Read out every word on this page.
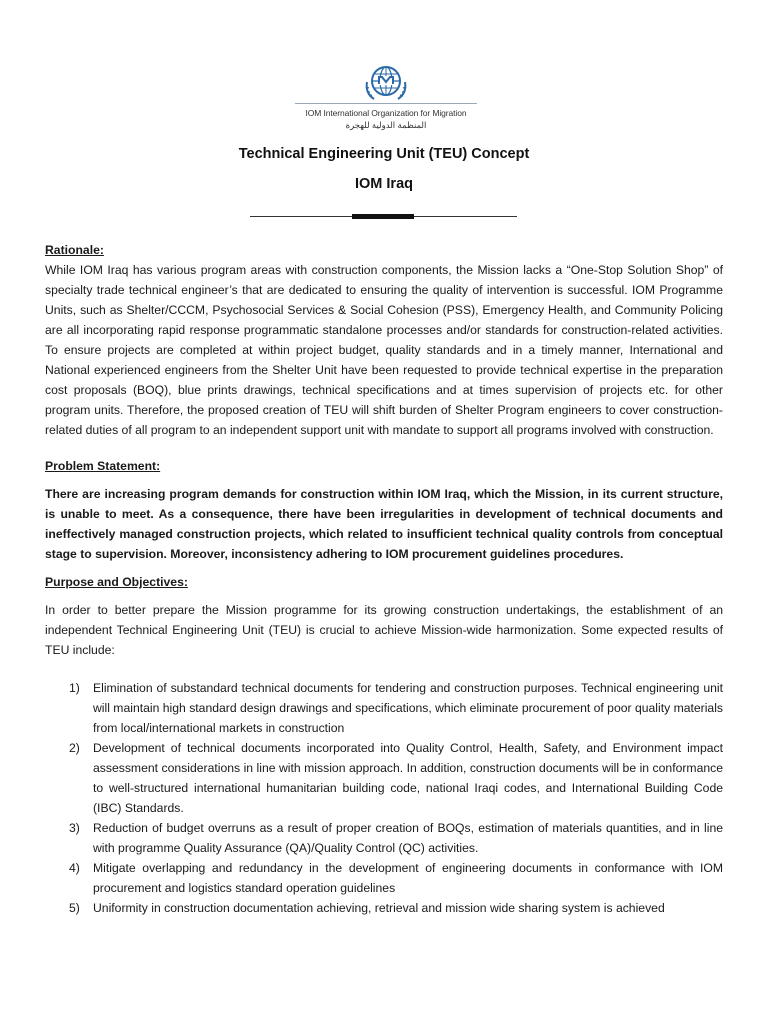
IOM International Organization for Migration
المنظمة الدولية للهجرة
Technical Engineering Unit (TEU) Concept
IOM Iraq

Rationale:

While IOM Iraq has various program areas with construction components, the Mission lacks a “One-Stop Solution Shop” of specialty trade technical engineer’s that are dedicated to ensuring the quality of intervention is successful. IOM Programme Units, such as Shelter/CCCM, Psychosocial Services & Social Cohesion (PSS), Emergency Health, and Community Policing are all incorporating rapid response programmatic standalone processes and/or standards for construction-related activities. To ensure projects are completed at within project budget, quality standards and in a timely manner, International and National experienced engineers from the Shelter Unit have been requested to provide technical expertise in the preparation cost proposals (BOQ), blue prints drawings, technical specifications and at times supervision of projects etc. for other program units. Therefore, the proposed creation of TEU will shift burden of Shelter Program engineers to cover construction-related duties of all program to an independent support unit with mandate to support all programs involved with construction.

Problem Statement:

There are increasing program demands for construction within IOM Iraq, which the Mission, in its current structure, is unable to meet. As a consequence, there have been irregularities in development of technical documents and ineffectively managed construction projects, which related to insufficient technical quality controls from conceptual stage to supervision. Moreover, inconsistency adhering to IOM procurement guidelines procedures.

Purpose and Objectives:

In order to better prepare the Mission programme for its growing construction undertakings, the establishment of an independent Technical Engineering Unit (TEU) is crucial to achieve Mission-wide harmonization. Some expected results of TEU include:

1) Elimination of substandard technical documents for tendering and construction purposes. Technical engineering unit will maintain high standard design drawings and specifications, which eliminate procurement of poor quality materials from local/international markets in construction
2) Development of technical documents incorporated into Quality Control, Health, Safety, and Environment impact assessment considerations in line with mission approach. In addition, construction documents will be in conformance to well-structured international humanitarian building code, national Iraqi codes, and International Building Code (IBC) Standards.
3) Reduction of budget overruns as a result of proper creation of BOQs, estimation of materials quantities, and in line with programme Quality Assurance (QA)/Quality Control (QC) activities.
4) Mitigate overlapping and redundancy in the development of engineering documents in conformance with IOM procurement and logistics standard operation guidelines
5) Uniformity in construction documentation achieving, retrieval and mission wide sharing system is achieved
